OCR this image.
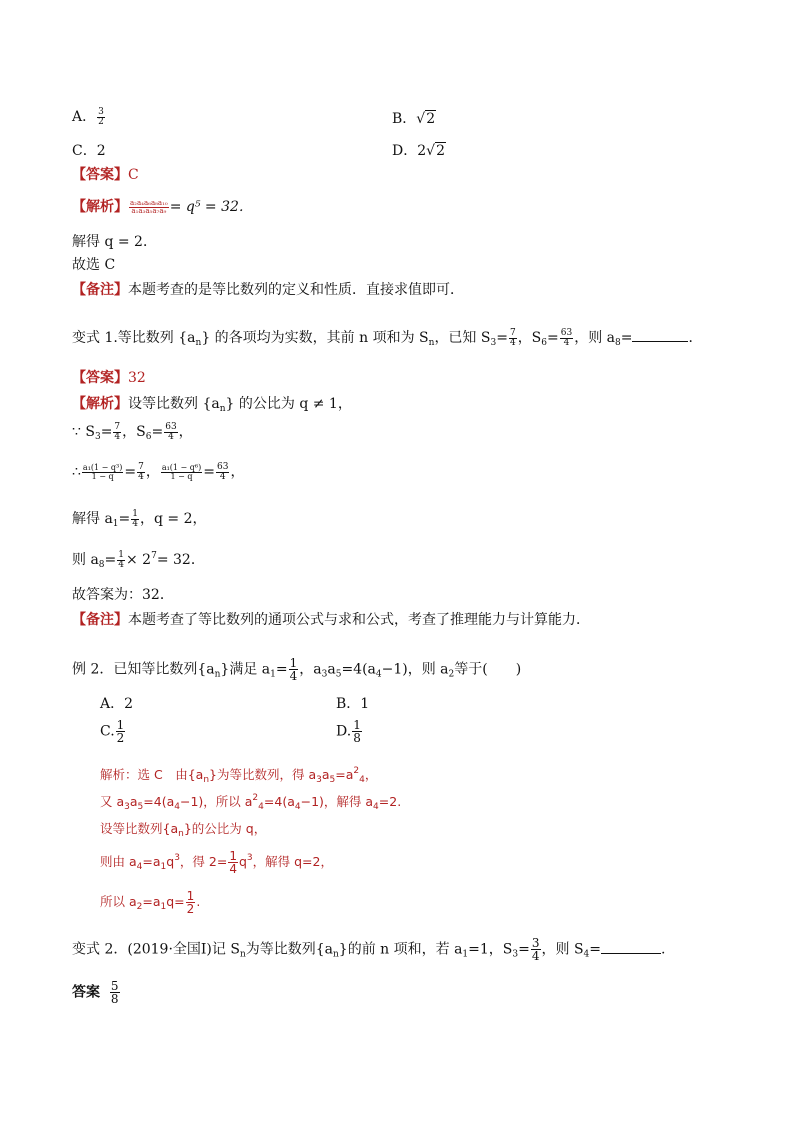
A． $\frac{3}{2}$	B．√2
C．2	D．2√2
【答案】C
【解析】 $\frac{\text{a₂a₄a₆a₈a₁₀}}{\text{a₁a₃a₅a₇a₉}} = q^5 = 32$．
解得 q = 2．
故选 C
【备注】本题考查的是等比数列的定义和性质．直接求值即可．
变式 1.等比数列 $\{a_n\}$ 的各项均为实数，其前 n 项和为 $S_n$，已知 $S_3= \frac{7}{4}$ ，$S_6= \frac{63}{4}$ ，则 $a_8=$	．
【答案】32
【解析】设等比数列 $\{a_n\}$ 的公比为 q ≠ 1，
∵ $S_3= \frac{7}{4}$ ，$S_6= \frac{63}{4}$ ，
∴ $\frac{\text{a₁(1 − q³)}}{1 - q} = \frac{7}{4}$ ， $\frac{\text{a₁(1 − q⁶)}}{1 - q} = \frac{63}{4}$ ，
解得 $a_1= \frac{1}{4}$ ，q = 2，
则 $a_8= \frac{1}{4} \times 2^7= 32$．
故答案为：32．
【备注】本题考查了等比数列的通项公式与求和公式，考查了推理能力与计算能力．
例 2．已知等比数列$\{a_n\}$满足 $a_1= \frac{1}{4}$ ，$a_3a_5=4(a_4-1)$，则 $a_2$等于(　　)
A．2	B．1
C. $\frac{1}{2}$	D. $\frac{1}{8}$
解析：选 C　由$\{a_n\}$为等比数列，得 $a_3a_5=a^2_4$，
又 $a_3a_5=4(a_4-1)$，所以 $a^2_4=4(a_4-1)$，解得 $a_4=2$.
设等比数列$\{a_n\}$的公比为 q，
则由 $a_4=a_1q^3$，得 $2= \frac{1}{4} q^3$，解得 q=2，
所以 $a_2=a_1q= \frac{1}{2}$ .
变式 2．(2019·全国Ⅰ)记 $S_n$为等比数列$\{a_n\}$的前 n 项和，若 $a_1=1$，$S_3= \frac{3}{4}$ ，则 $S_4=$	.
答案 $\frac{5}{8}$
